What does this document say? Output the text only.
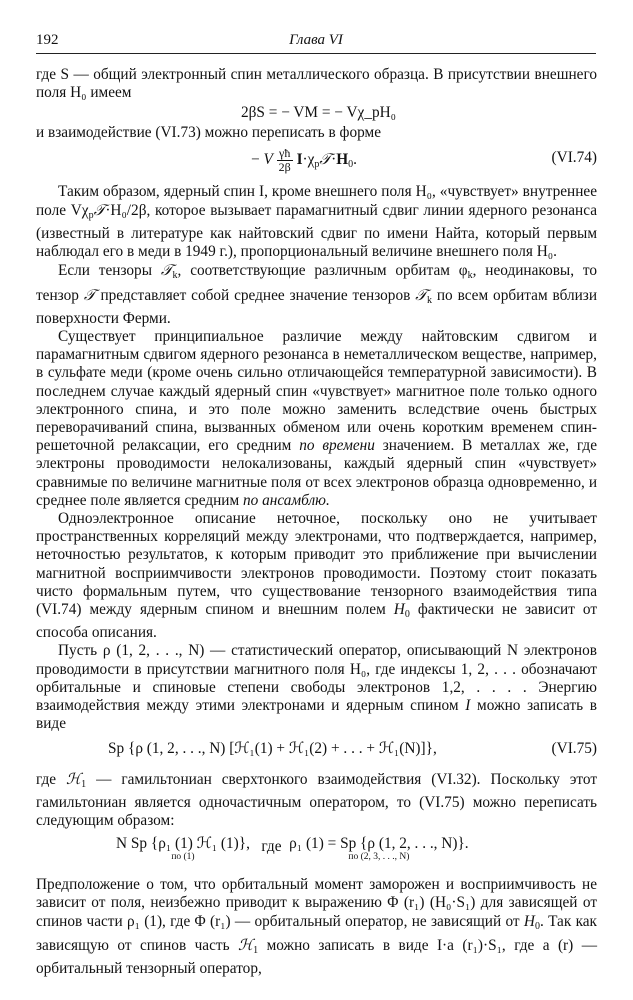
192	Глава VI

где S — общий электронный спин металлического образца. В присутствии внешнего поля H₀ имеем

2βS = − VM = − Vχ_pH₀

и взаимодействие (VI.73) можно переписать в форме

− V $\frac{\gamma ħ}{2\beta}$ $I\cdot\chi_p𝒯\cdot H_0$.	(VI.74)

Таким образом, ядерный спин I, кроме внешнего поля H₀, «чувствует» внутреннее поле $V\chi_p𝒯\cdot H_0/2\beta$, которое вызывает парамагнитный сдвиг линии ядерного резонанса (известный в литературе как найтовский сдвиг по имени Найта, который первым наблюдал его в меди в 1949 г.), пропорциональный величине внешнего поля H₀.

Если тензоры 𝒯$_k$, соответствующие различным орбитам $\varphi_k$, неодинаковы, то тензор 𝒯 представляет собой среднее значение тензоров 𝒯$_k$ по всем орбитам вблизи поверхности Ферми.

Существует принципиальное различие между найтовским сдвигом и парамагнитным сдвигом ядерного резонанса в неметаллическом веществе, например, в сульфате меди (кроме очень сильно отличающейся температурной зависимости). В последнем случае каждый ядерный спин «чувствует» магнитное поле только одного электронного спина, и это поле можно заменить вследствие очень быстрых переворачиваний спина, вызванных обменом или очень коротким временем спин-решеточной релаксации, его средним по времени значением. В металлах же, где электроны проводимости нелокализованы, каждый ядерный спин «чувствует» сравнимые по величине магнитные поля от всех электронов образца одновременно, и среднее поле является средним по ансамблю.

Одноэлектронное описание неточное, поскольку оно не учитывает пространственных корреляций между электронами, что подтверждается, например, неточностью результатов, к которым приводит это приближение при вычислении магнитной восприимчивости электронов проводимости. Поэтому стоит показать чисто формальным путем, что существование тензорного взаимодействия типа (VI.74) между ядерным спином и внешним полем $H_0$ фактически не зависит от способа описания.

Пусть ρ (1, 2, . . ., N) — статистический оператор, описывающий N электронов проводимости в присутствии магнитного поля H₀, где индексы 1, 2, . . . обозначают орбитальные и спиновые степени свободы электронов 1,2, . . . . Энергию взаимодействия между этими электронами и ядерным спином I можно записать в виде

Sp {ρ (1, 2, . . ., N) [ℋ₁(1) + ℋ₁(2) + . . . + ℋ₁(N)]},	(VI.75)

где ℋ$_1$ — гамильтониан сверхтонкого взаимодействия (VI.32). Поскольку этот гамильтониан является одночастичным оператором, то (VI.75) можно переписать следующим образом:

N Sp {ρ₁ (1) ℋ₁ (1)},
по (1)
где ρ₁ (1) = Sp {ρ (1, 2, . . ., N)}.
по (2, 3, . . ., N)

Предположение о том, что орбитальный момент заморожен и восприимчивость не зависит от поля, неизбежно приводит к выражению Φ (r₁) (H₀·S₁) для зависящей от спинов части ρ₁ (1), где Φ (r₁) — орбитальный оператор, не зависящий от $H_0$. Так как зависящую от спинов часть ℋ$_1$ можно записать в виде I·a (r₁)·S₁, где a (r) — орбитальный тензорный оператор,
